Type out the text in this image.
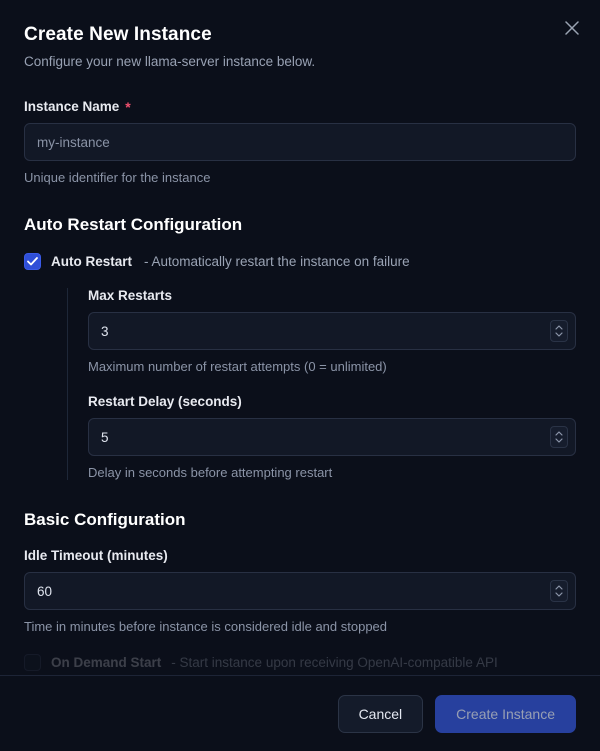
Create New Instance

Configure your new llama-server instance below.

Instance Name *
my-instance
Unique identifier for the instance
Auto Restart Configuration
Auto Restart - Automatically restart the instance on failure
Max Restarts
3
Maximum number of restart attempts (0 = unlimited)
Restart Delay (seconds)
5
Delay in seconds before attempting restart
Basic Configuration
Idle Timeout (minutes)
60
Time in minutes before instance is considered idle and stopped
On Demand Start - Start instance upon receiving OpenAI-compatible API
Cancel	Create Instance
